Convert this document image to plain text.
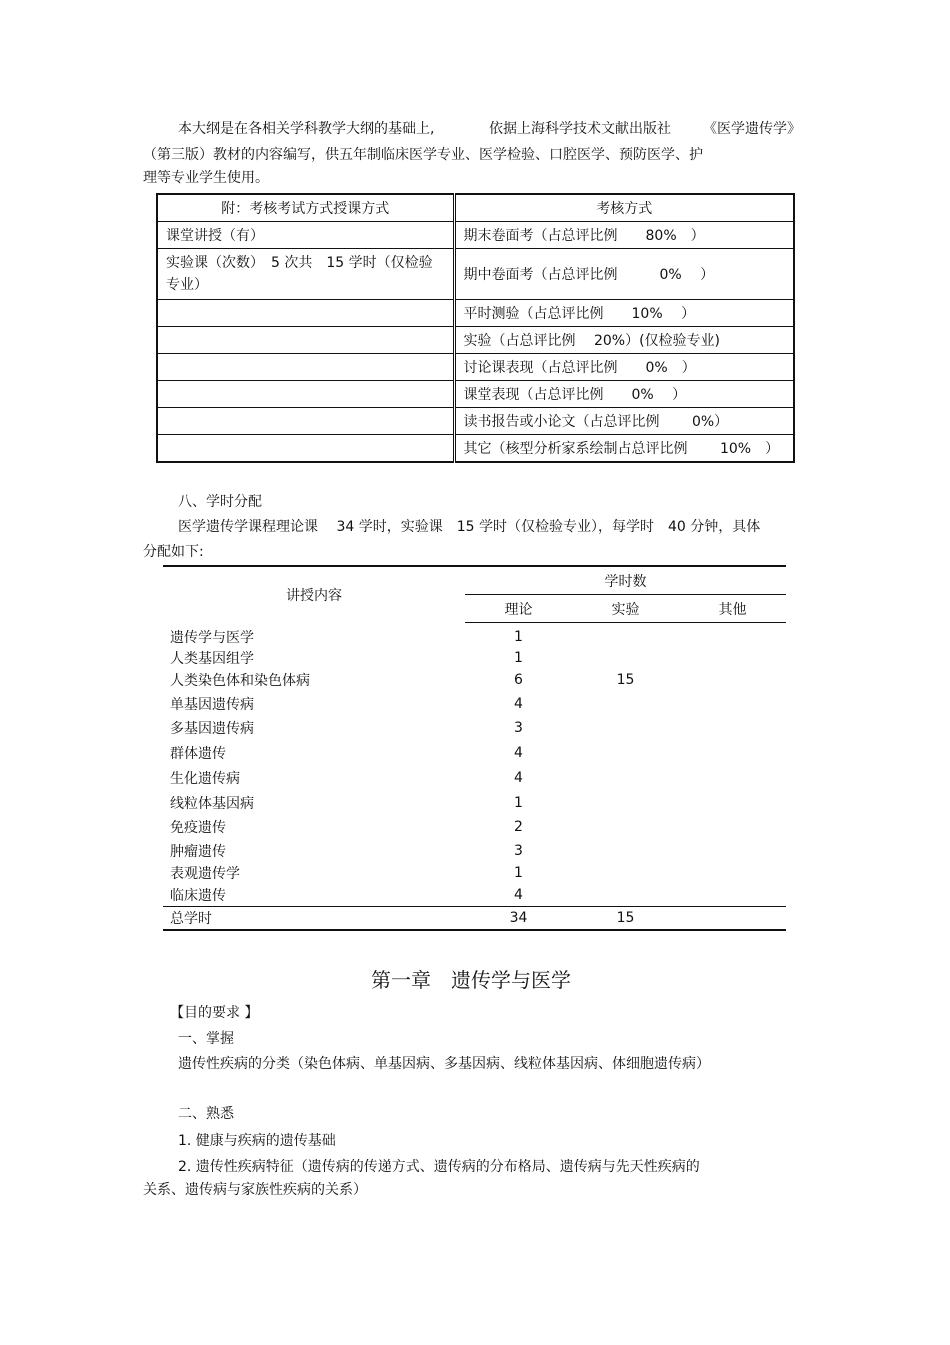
本大纲是在各相关学科教学大纲的基础上,	依据上海科学技术文献出版社 《医学遗传学》
（第三版）教材的内容编写，供五年制临床医学专业、医学检验、口腔医学、预防医学、护
理等专业学生使用。
附：考核考试方式授课方式	考核方式
课堂讲授（有）	期末卷面考（占总评比例　　80%　）
实验课（次数）　5 次共　15 学时（仅检验专业）	期中卷面考（占总评比例　　　0%　 ）
	平时测验（占总评比例　　10%　 ）
	实验（占总评比例　 20%）(仅检验专业)
	讨论课表现（占总评比例　　0%　）
	课堂表现（占总评比例　　0%　 ）
	读书报告或小论文（占总评比例　　 0%）
	其它（核型分析家系绘制占总评比例　　 10%　）
八、学时分配
医学遗传学课程理论课　 34 学时，实验课　15 学时（仅检验专业），每学时　40 分钟，具体
分配如下:
讲授内容	学时数		
	理论	实验	其他
遗传学与医学	1		
人类基因组学	1		
人类染色体和染色体病	6	15	
单基因遗传病	4		
多基因遗传病	3		
群体遗传	4		
生化遗传病	4		
线粒体基因病	1		
免疫遗传	2		
肿瘤遗传	3		
表观遗传学	1		
临床遗传	4		
总学时	34	15	
第一章　遗传学与医学
【目的要求 】
一、掌握
遗传性疾病的分类（染色体病、单基因病、多基因病、线粒体基因病、体细胞遗传病）
二、熟悉
1. 健康与疾病的遗传基础
2. 遗传性疾病特征（遗传病的传递方式、遗传病的分布格局、遗传病与先天性疾病的
关系、遗传病与家族性疾病的关系）
